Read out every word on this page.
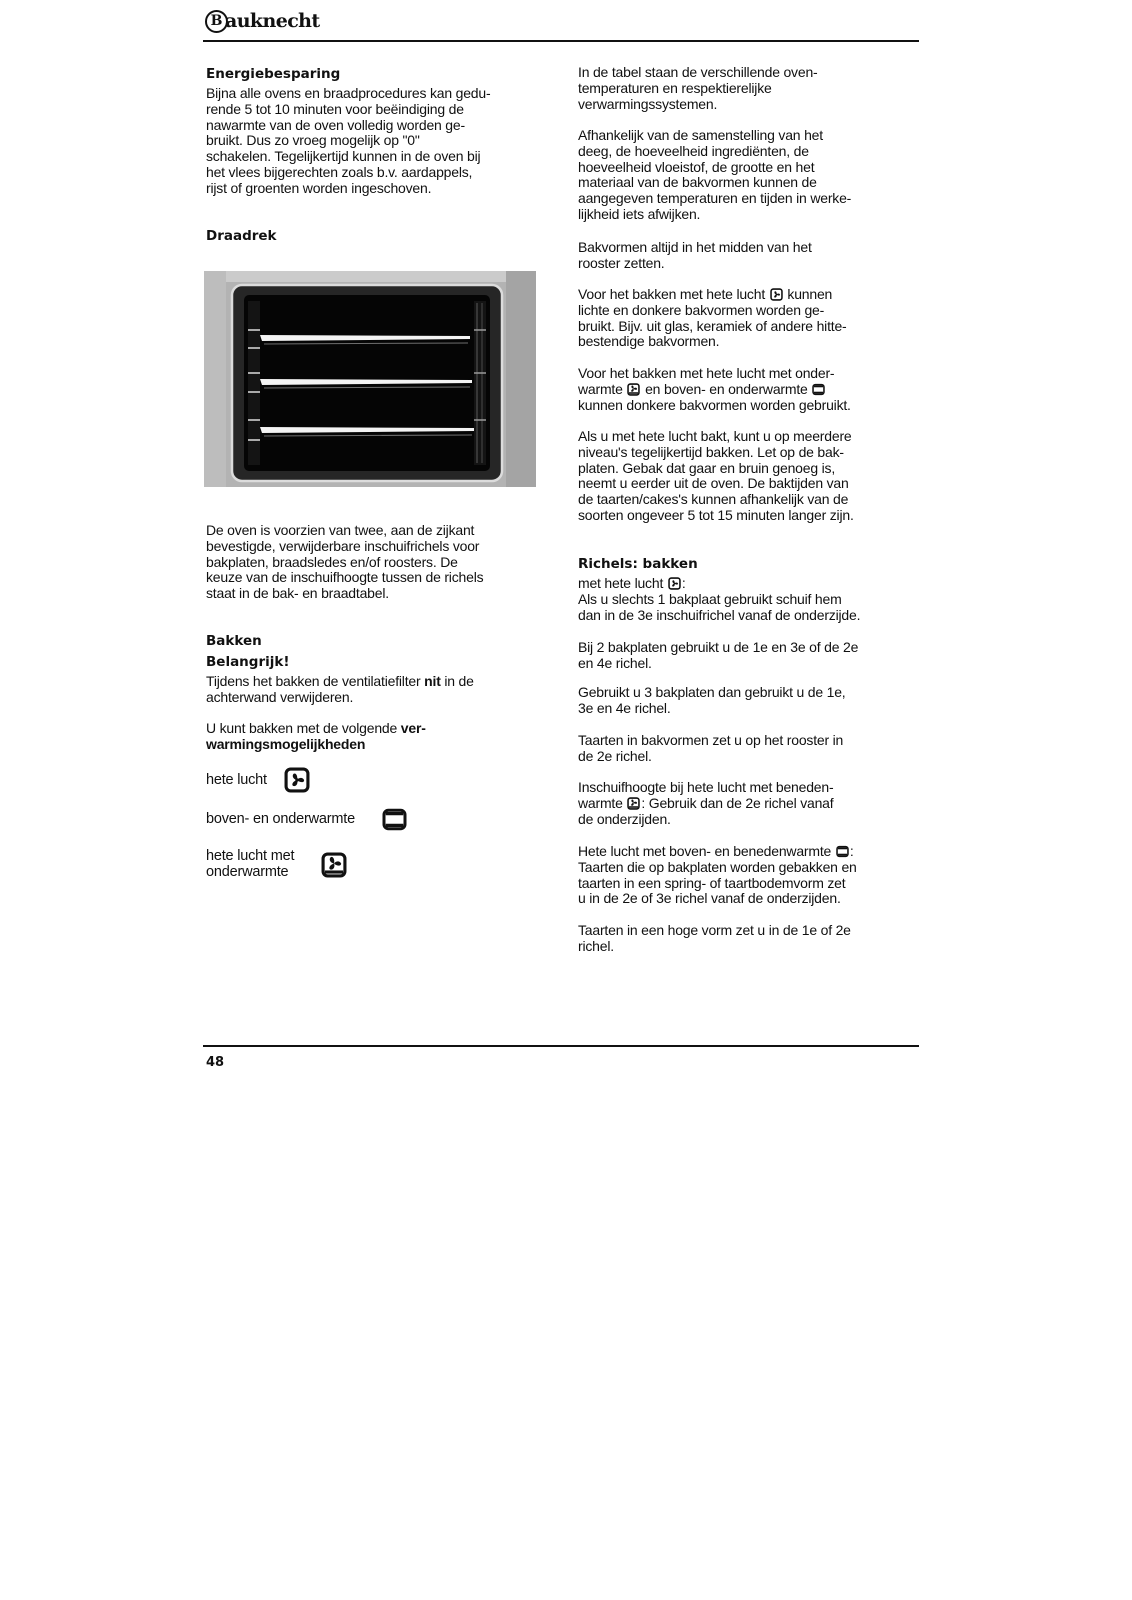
B auknecht
Energiebesparing
Bijna alle ovens en braadprocedures kan gedu-
rende 5 tot 10 minuten voor beëindiging de
nawarmte van de oven volledig worden ge-
bruikt. Dus zo vroeg mogelijk op "0"
schakelen. Tegelijkertijd kunnen in de oven bij
het vlees bijgerechten zoals b.v. aardappels,
rijst of groenten worden ingeschoven.
Draadrek
De oven is voorzien van twee, aan de zijkant
bevestigde, verwijderbare inschuifrichels voor
bakplaten, braadsledes en/of roosters. De
keuze van de inschuifhoogte tussen de richels
staat in de bak- en braadtabel.
Bakken
Belangrijk!
Tijdens het bakken de ventilatiefilter nit in de
achterwand verwijderen.
U kunt bakken met de volgende ver-
warmingsmogelijkheden
hete lucht
boven- en onderwarmte
hete lucht met
onderwarmte
In de tabel staan de verschillende oven-
temperaturen en respektierelijke
verwarmingssystemen.
Afhankelijk van de samenstelling van het
deeg, de hoeveelheid ingrediënten, de
hoeveelheid vloeistof, de grootte en het
materiaal van de bakvormen kunnen de
aangegeven temperaturen en tijden in werke-
lijkheid iets afwijken.
Bakvormen altijd in het midden van het
rooster zetten.
Voor het bakken met hete lucht
kunnen
lichte en donkere bakvormen worden ge-
bruikt. Bijv. uit glas, keramiek of andere hitte-
bestendige bakvormen.
Voor het bakken met hete lucht met onder-
warmte
en boven- en onderwarmte
kunnen donkere bakvormen worden gebruikt.
Als u met hete lucht bakt, kunt u op meerdere
niveau's tegelijkertijd bakken. Let op de bak-
platen. Gebak dat gaar en bruin genoeg is,
neemt u eerder uit de oven. De baktijden van
de taarten/cakes's kunnen afhankelijk van de
soorten ongeveer 5 tot 15 minuten langer zijn.
Richels: bakken
met hete lucht
:
Als u slechts 1 bakplaat gebruikt schuif hem
dan in de 3e inschuifrichel vanaf de onderzijde.
Bij 2 bakplaten gebruikt u de 1e en 3e of de 2e
en 4e richel.
Gebruikt u 3 bakplaten dan gebruikt u de 1e,
3e en 4e richel.
Taarten in bakvormen zet u op het rooster in
de 2e richel.
Inschuifhoogte bij hete lucht met beneden-
warmte
: Gebruik dan de 2e richel vanaf
de onderzijden.
Hete lucht met boven- en benedenwarmte
:
Taarten die op bakplaten worden gebakken en
taarten in een spring- of taartbodemvorm zet
u in de 2e of 3e richel vanaf de onderzijden.
Taarten in een hoge vorm zet u in de 1e of 2e
richel.
48
